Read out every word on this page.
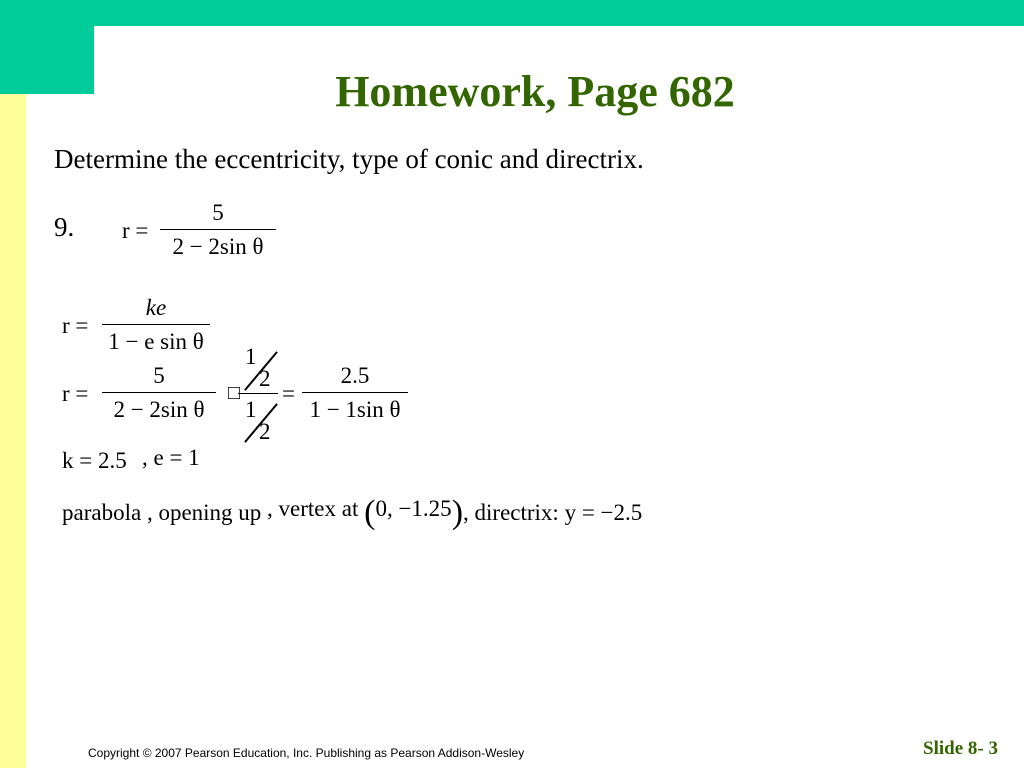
Homework, Page 682
Determine the eccentricity, type of conic and directrix.
9. r =
5
2 − 2sin θ
r =
ke
1 − e sin θ
r =
5
2 − 2sin θ
□
1
2
1
2
=
2.5
1 − 1sin θ
k = 2.5 , e = 1
parabola , opening up , vertex at (0, −1.25), directrix: y = −2.5
Copyright © 2007 Pearson Education, Inc. Publishing as Pearson Addison-Wesley	Slide 8- 3
